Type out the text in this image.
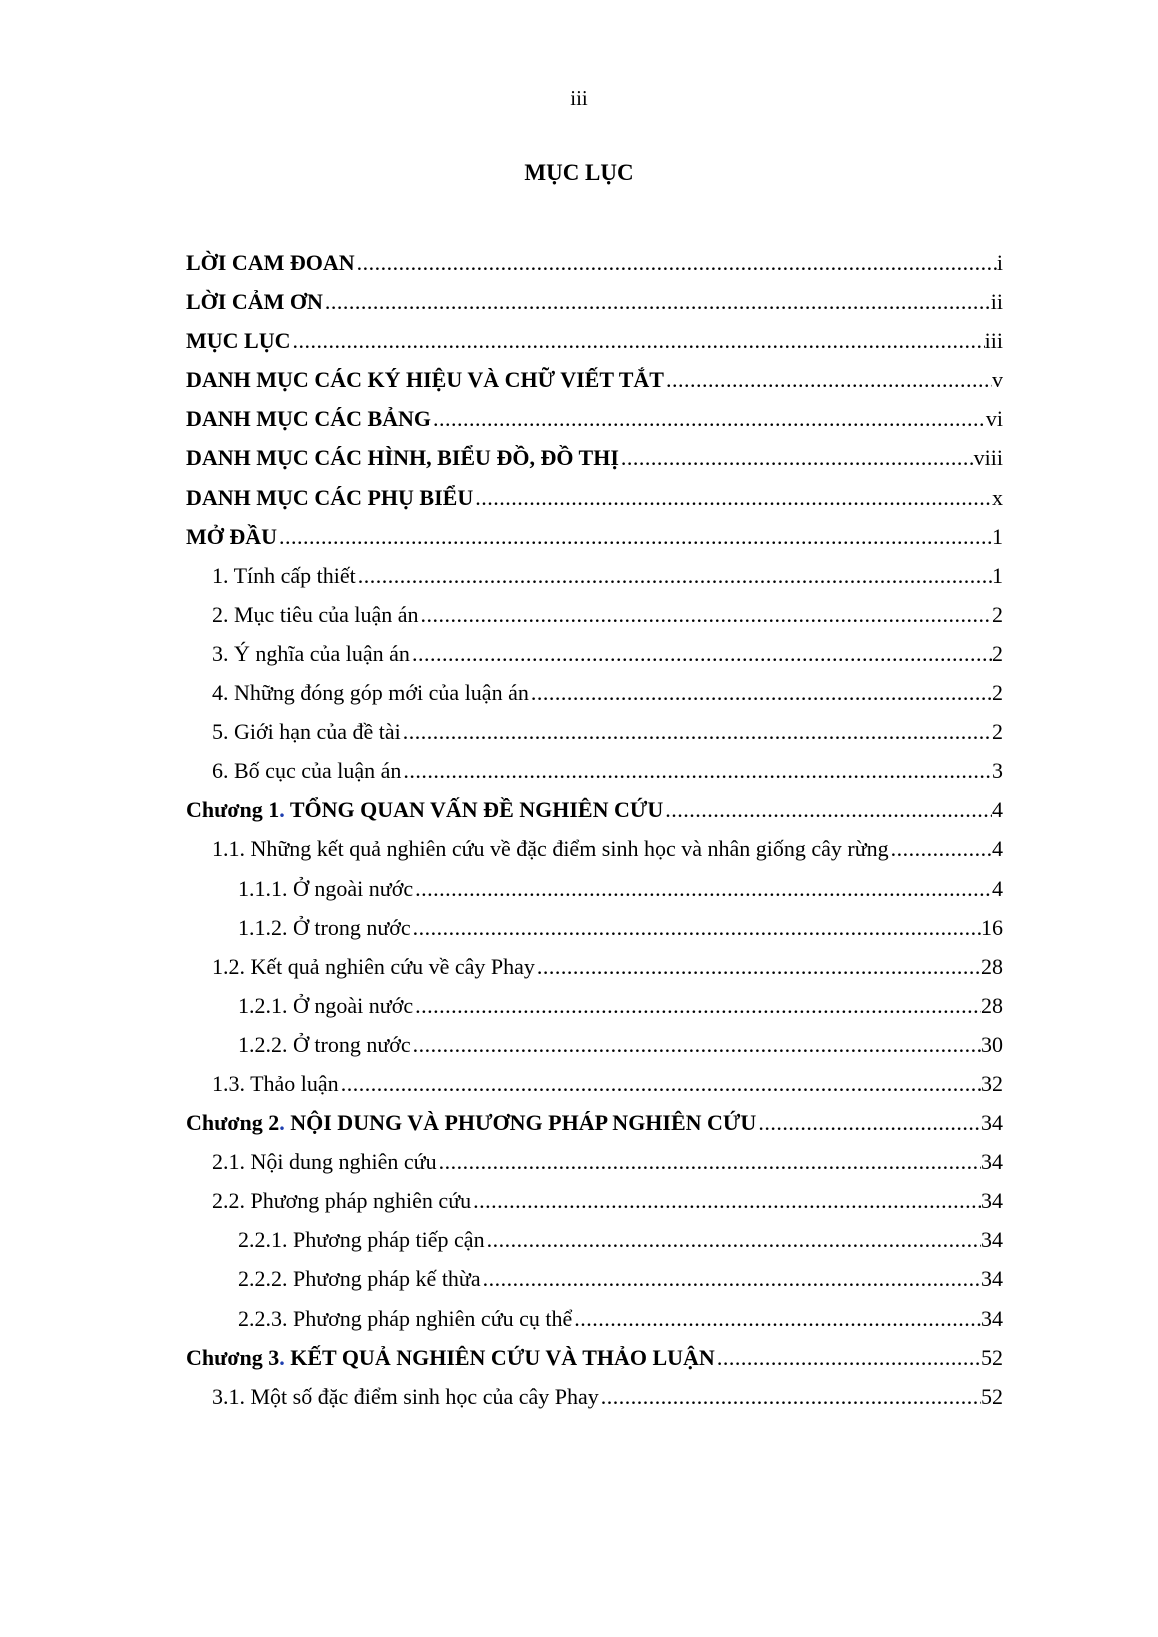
iii
MỤC LỤC
LỜI CAM ĐOAN .....	i
LỜI CẢM ƠN .....	ii
MỤC LỤC .....	iii
DANH MỤC CÁC KÝ HIỆU VÀ CHỮ VIẾT TẮT .....	v
DANH MỤC CÁC BẢNG .....	vi
DANH MỤC CÁC HÌNH, BIỂU ĐỒ, ĐỒ THỊ .....	viii
DANH MỤC CÁC PHỤ BIỂU .....	x
MỞ ĐẦU .....	1
1. Tính cấp thiết .....	1
2. Mục tiêu của luận án .....	2
3. Ý nghĩa của luận án .....	2
4. Những đóng góp mới của luận án .....	2
5. Giới hạn của đề tài .....	2
6. Bố cục của luận án .....	3
Chương 1. TỔNG QUAN VẤN ĐỀ NGHIÊN CỨU .....	4
1.1. Những kết quả nghiên cứu về đặc điểm sinh học và nhân giống cây rừng .....	4
1.1.1. Ở ngoài nước .....	4
1.1.2. Ở trong nước .....	16
1.2. Kết quả nghiên cứu về cây Phay .....	28
1.2.1. Ở ngoài nước .....	28
1.2.2. Ở trong nước .....	30
1.3. Thảo luận .....	32
Chương 2. NỘI DUNG VÀ PHƯƠNG PHÁP NGHIÊN CỨU .....	34
2.1. Nội dung nghiên cứu .....	34
2.2. Phương pháp nghiên cứu .....	34
2.2.1. Phương pháp tiếp cận .....	34
2.2.2. Phương pháp kế thừa .....	34
2.2.3. Phương pháp nghiên cứu cụ thể .....	34
Chương 3. KẾT QUẢ NGHIÊN CỨU VÀ THẢO LUẬN .....	52
3.1. Một số đặc điểm sinh học của cây Phay .....	52
